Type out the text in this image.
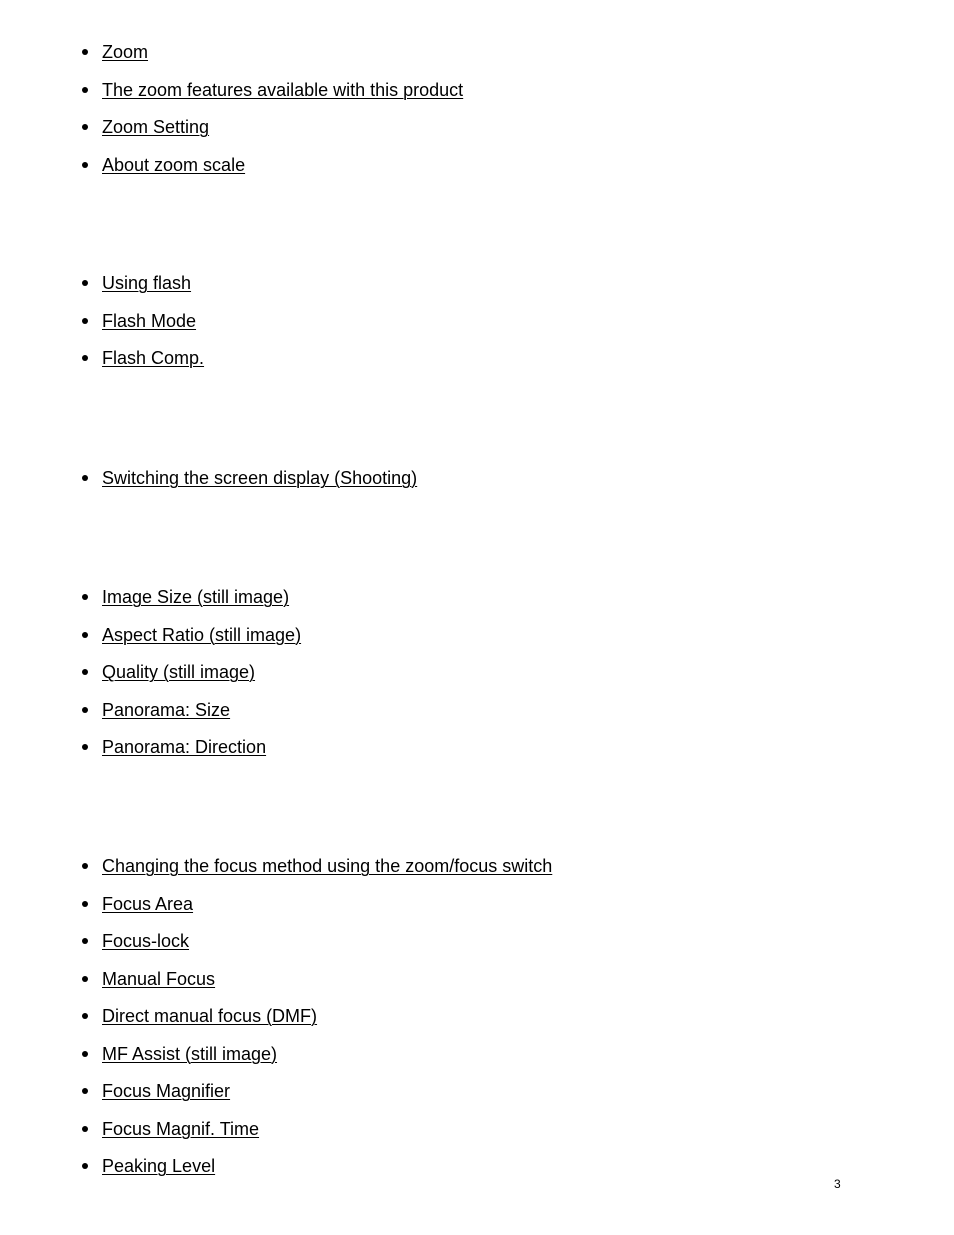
Zoom
The zoom features available with this product
Zoom Setting
About zoom scale
Using flash
Flash Mode
Flash Comp.
Switching the screen display (Shooting)
Image Size (still image)
Aspect Ratio (still image)
Quality (still image)
Panorama: Size
Panorama: Direction
Changing the focus method using the zoom/focus switch
Focus Area
Focus-lock
Manual Focus
Direct manual focus (DMF)
MF Assist (still image)
Focus Magnifier
Focus Magnif. Time
Peaking Level
3
